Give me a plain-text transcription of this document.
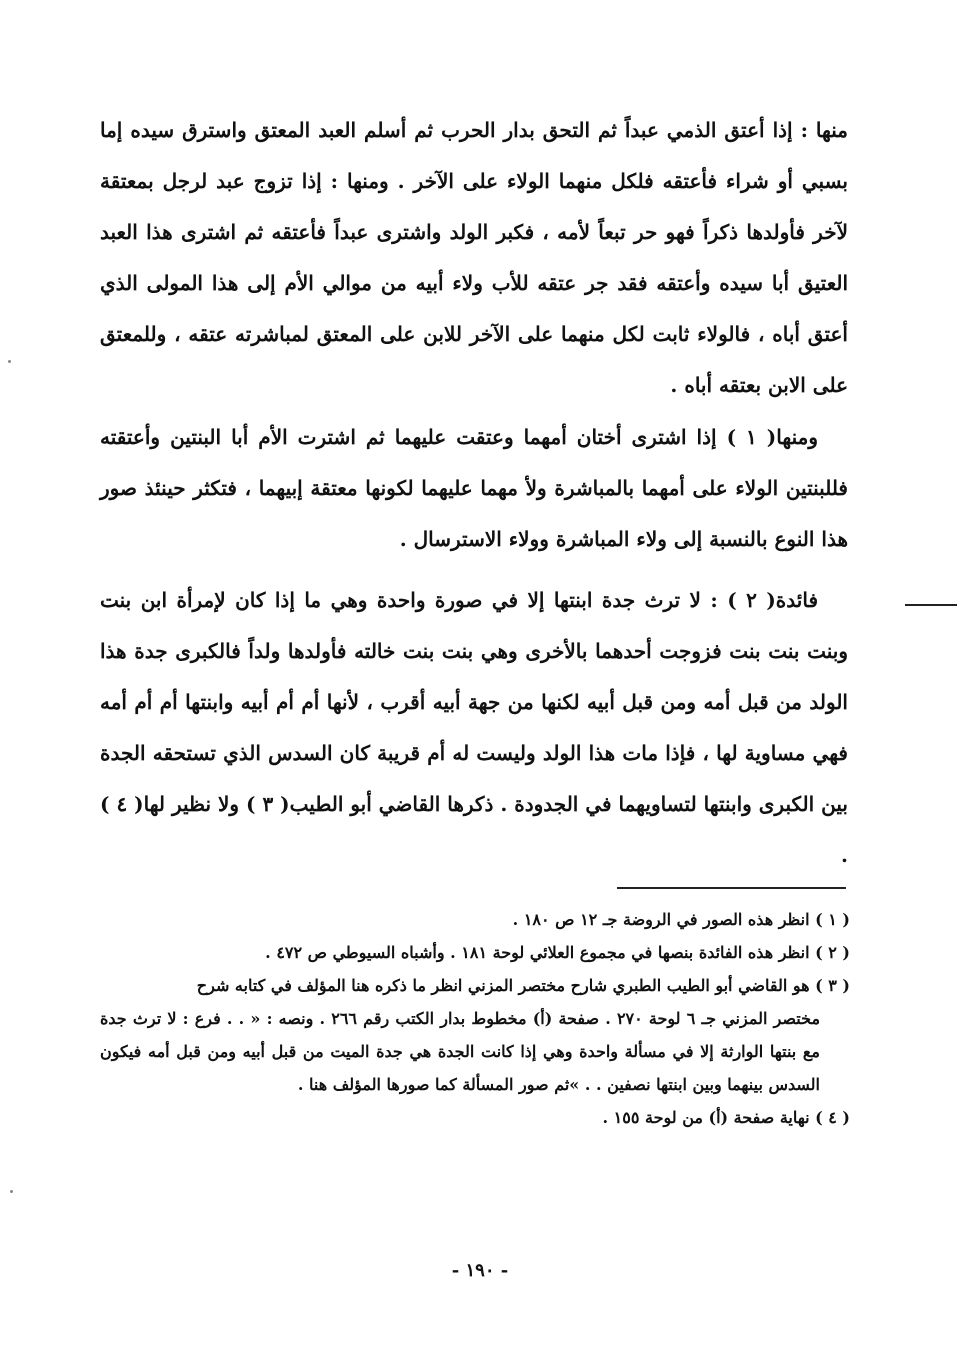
منها : إذا أعتق الذمي عبداً ثم التحق بدار الحرب ثم أسلم العبد المعتق واسترق سيده إما بسبي أو شراء فأعتقه فلكل منهما الولاء على الآخر . ومنها : إذا تزوج عبد لرجل بمعتقة لآخر فأولدها ذكراً فهو حر تبعاً لأمه ، فكبر الولد واشترى عبداً فأعتقه ثم اشترى هذا العبد العتيق أبا سيده وأعتقه فقد جر عتقه للأب ولاء أبيه من موالي الأم إلى هذا المولى الذي أعتق أباه ، فالولاء ثابت لكل منهما على الآخر للابن على المعتق لمباشرته عتقه ، وللمعتق على الابن بعتقه أباه .

ومنها( ١ ) إذا اشترى أختان أمهما وعتقت عليهما ثم اشترت الأم أبا البنتين وأعتقته فللبنتين الولاء على أمهما بالمباشرة ولأ مهما عليهما لكونها معتقة إبيهما ، فتكثر حينئذ صور هذا النوع بالنسبة إلى ولاء المباشرة وولاء الاسترسال .

فائدة( ٢ ) : لا ترث جدة ابنتها إلا في صورة واحدة وهي ما إذا كان لإمرأة ابن بنت وبنت بنت بنت فزوجت أحدهما بالأخرى وهي بنت بنت خالته فأولدها ولداً فالكبرى جدة هذا الولد من قبل أمه ومن قبل أبيه لكنها من جهة أبيه أقرب ، لأنها أم أم أبيه وابنتها أم أم أمه فهي مساوية لها ، فإذا مات هذا الولد وليست له أم قريبة كان السدس الذي تستحقه الجدة بين الكبرى وابنتها لتساويهما في الجدودة . ذكرها القاضي أبو الطيب( ٣ ) ولا نظير لها( ٤ ) .

( ١ ) انظر هذه الصور في الروضة جـ ١٢ ص ١٨٠ .

( ٢ ) انظر هذه الفائدة بنصها في مجموع العلائي لوحة ١٨١ . وأشباه السيوطي ص ٤٧٢ .

( ٣ ) هو القاضي أبو الطيب الطبري شارح مختصر المزني انظر ما ذكره هنا المؤلف في كتابه شرح

مختصر المزني جـ ٦ لوحة ٢٧٠ . صفحة (أ) مخطوط بدار الكتب رقم ٢٦٦ . ونصه : « . . فرع : لا ترث جدة مع بنتها الوارثة إلا في مسألة واحدة وهي إذا كانت الجدة هي جدة الميت من قبل أبيه ومن قبل أمه فيكون السدس بينهما وبين ابنتها نصفين . . »ثم صور المسألة كما صورها المؤلف هنا .

( ٤ ) نهاية صفحة (أ) من لوحة ١٥٥ .

- ١٩٠ -
